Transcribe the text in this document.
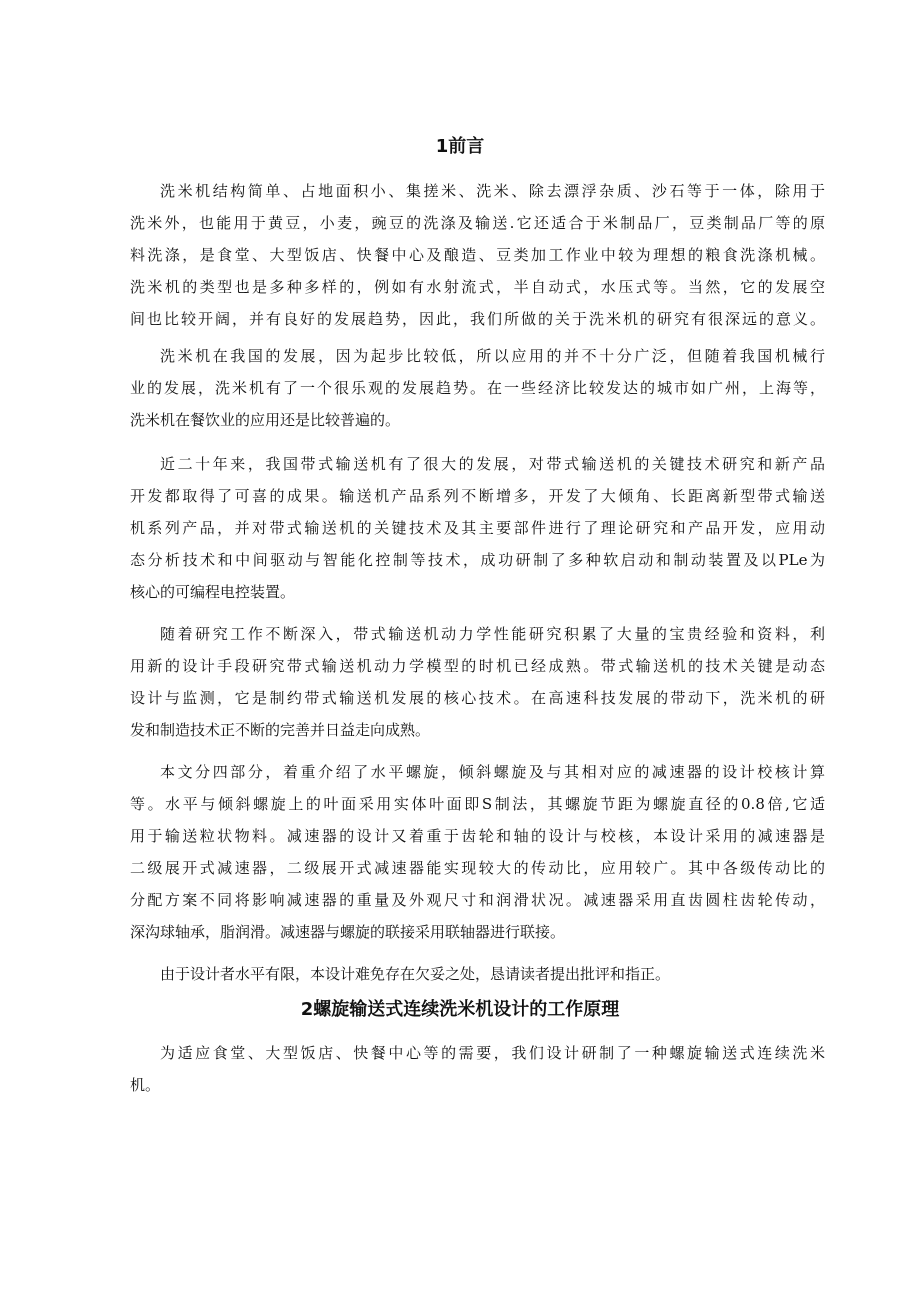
1前言
洗米机结构简单、占地面积小、集搓米、洗米、除去漂浮杂质、沙石等于一体，除用于
洗米外，也能用于黄豆，小麦，豌豆的洗涤及输送.它还适合于米制品厂，豆类制品厂等的原
料洗涤，是食堂、大型饭店、快餐中心及酿造、豆类加工作业中较为理想的粮食洗涤机械。
洗米机的类型也是多种多样的，例如有水射流式，半自动式，水压式等。当然，它的发展空
间也比较开阔，并有良好的发展趋势，因此，我们所做的关于洗米机的研究有很深远的意义。
洗米机在我国的发展，因为起步比较低，所以应用的并不十分广泛，但随着我国机械行
业的发展，洗米机有了一个很乐观的发展趋势。在一些经济比较发达的城市如广州，上海等，
洗米机在餐饮业的应用还是比较普遍的。
近二十年来，我国带式输送机有了很大的发展，对带式输送机的关键技术研究和新产品
开发都取得了可喜的成果。输送机产品系列不断增多，开发了大倾角、长距离新型带式输送
机系列产品，并对带式输送机的关键技术及其主要部件进行了理论研究和产品开发，应用动
态分析技术和中间驱动与智能化控制等技术，成功研制了多种软启动和制动装置及以PLe为
核心的可编程电控装置。
随着研究工作不断深入，带式输送机动力学性能研究积累了大量的宝贵经验和资料，利
用新的设计手段研究带式输送机动力学模型的时机已经成熟。带式输送机的技术关键是动态
设计与监测，它是制约带式输送机发展的核心技术。在高速科技发展的带动下，洗米机的研
发和制造技术正不断的完善并日益走向成熟。
本文分四部分，着重介绍了水平螺旋，倾斜螺旋及与其相对应的减速器的设计校核计算
等。水平与倾斜螺旋上的叶面采用实体叶面即S制法，其螺旋节距为螺旋直径的0.8倍,它适
用于输送粒状物料。减速器的设计又着重于齿轮和轴的设计与校核，本设计采用的减速器是
二级展开式减速器，二级展开式减速器能实现较大的传动比，应用较广。其中各级传动比的
分配方案不同将影响减速器的重量及外观尺寸和润滑状况。减速器采用直齿圆柱齿轮传动，
深沟球轴承，脂润滑。减速器与螺旋的联接采用联轴器进行联接。
由于设计者水平有限，本设计难免存在欠妥之处，恳请读者提出批评和指正。
2螺旋输送式连续洗米机设计的工作原理
为适应食堂、大型饭店、快餐中心等的需要，我们设计研制了一种螺旋输送式连续洗米
机。
